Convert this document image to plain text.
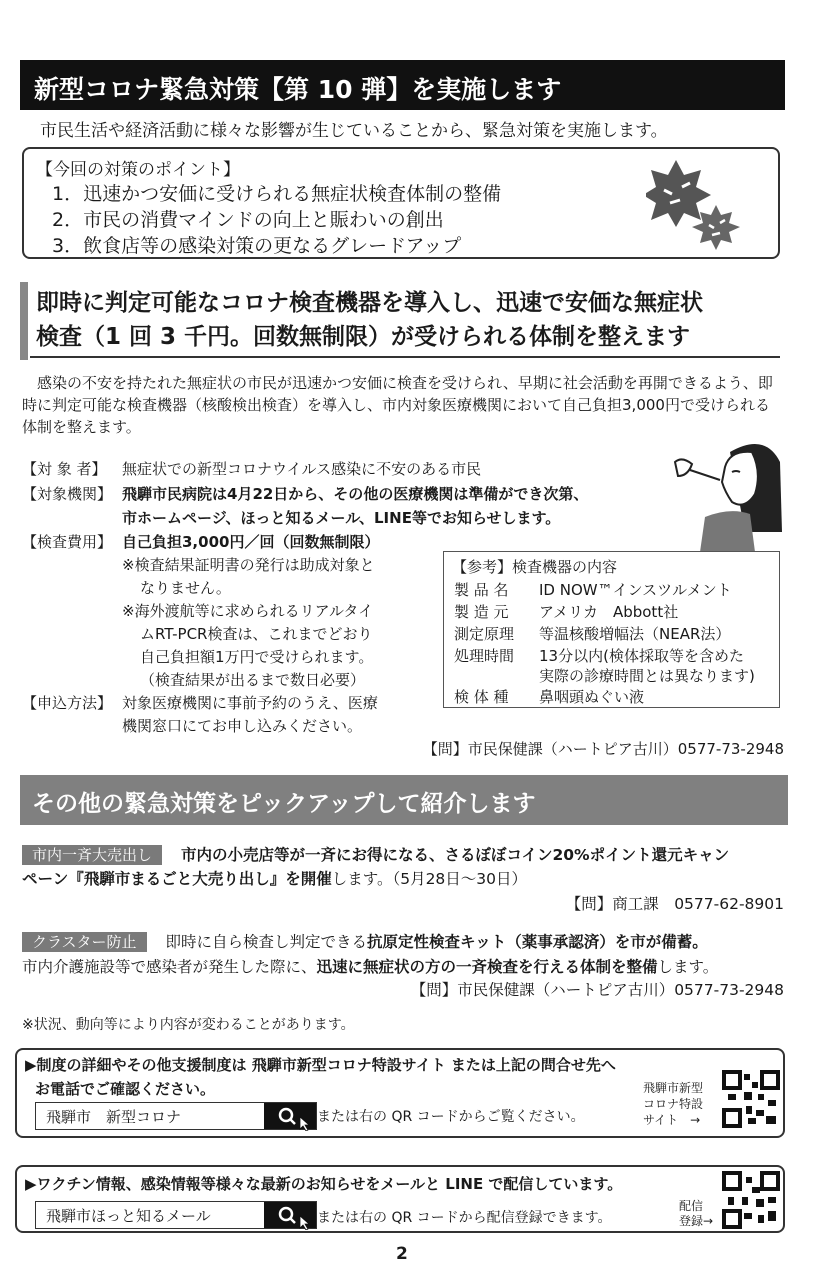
新型コロナ緊急対策【第 10 弾】を実施します
市民生活や経済活動に様々な影響が生じていることから、緊急対策を実施します。
【今回の対策のポイント】
1．迅速かつ安価に受けられる無症状検査体制の整備
2．市民の消費マインドの向上と賑わいの創出
3．飲食店等の感染対策の更なるグレードアップ
即時に判定可能なコロナ検査機器を導入し、迅速で安価な無症状
検査（1 回 3 千円。回数無制限）が受けられる体制を整えます
感染の不安を持たれた無症状の市民が迅速かつ安価に検査を受けられ、早期に社会活動を再開できるよう、即時に判定可能な検査機器（核酸検出検査）を導入し、市内対象医療機関において自己負担3,000円で受けられる体制を整えます。
【対 象 者】 無症状での新型コロナウイルス感染に不安のある市民
【対象機関】 飛騨市民病院は4月22日から、その他の医療機関は準備ができ次第、
市ホームページ、ほっと知るメール、LINE等でお知らせします。
【検査費用】 自己負担3,000円／回（回数無制限）
※検査結果証明書の発行は助成対象と
なりません。
※海外渡航等に求められるリアルタイ
ムRT-PCR検査は、これまでどおり
自己負担額1万円で受けられます。
（検査結果が出るまで数日必要）
【申込方法】 対象医療機関に事前予約のうえ、医療
機関窓口にてお申し込みください。
【参考】検査機器の内容
製 品 名 ID NOW™インスツルメント
製 造 元 アメリカ　Abbott社
測定原理 等温核酸増幅法（NEAR法）
処理時間 13分以内(検体採取等を含めた
実際の診療時間とは異なります)
検 体 種 鼻咽頭ぬぐい液
【問】市民保健課（ハートピア古川）0577-73-2948
その他の緊急対策をピックアップして紹介します
市内一斉大売出し 市内の小売店等が一斉にお得になる、さるぼぼコイン20%ポイント還元キャン
ペーン『飛騨市まるごと大売り出し』を開催します。（5月28日～30日）
【問】商工課　0577-62-8901
クラスター防止 即時に自ら検査し判定できる抗原定性検査キット（薬事承認済）を市が備蓄。
市内介護施設等で感染者が発生した際に、迅速に無症状の方の一斉検査を行える体制を整備します。
【問】市民保健課（ハートピア古川）0577-73-2948
※状況、動向等により内容が変わることがあります。
▶制度の詳細やその他支援制度は 飛騨市新型コロナ特設サイト または上記の問合せ先へ
お電話でご確認ください。
飛騨市　新型コロナ	または右の QR コードからご覧ください。
飛騨市新型
コロナ特設
サイト　→
▶ワクチン情報、感染情報等様々な最新のお知らせをメールと LINE で配信しています。
飛騨市ほっと知るメール	または右の QR コードから配信登録できます。
配信
登録→
2
